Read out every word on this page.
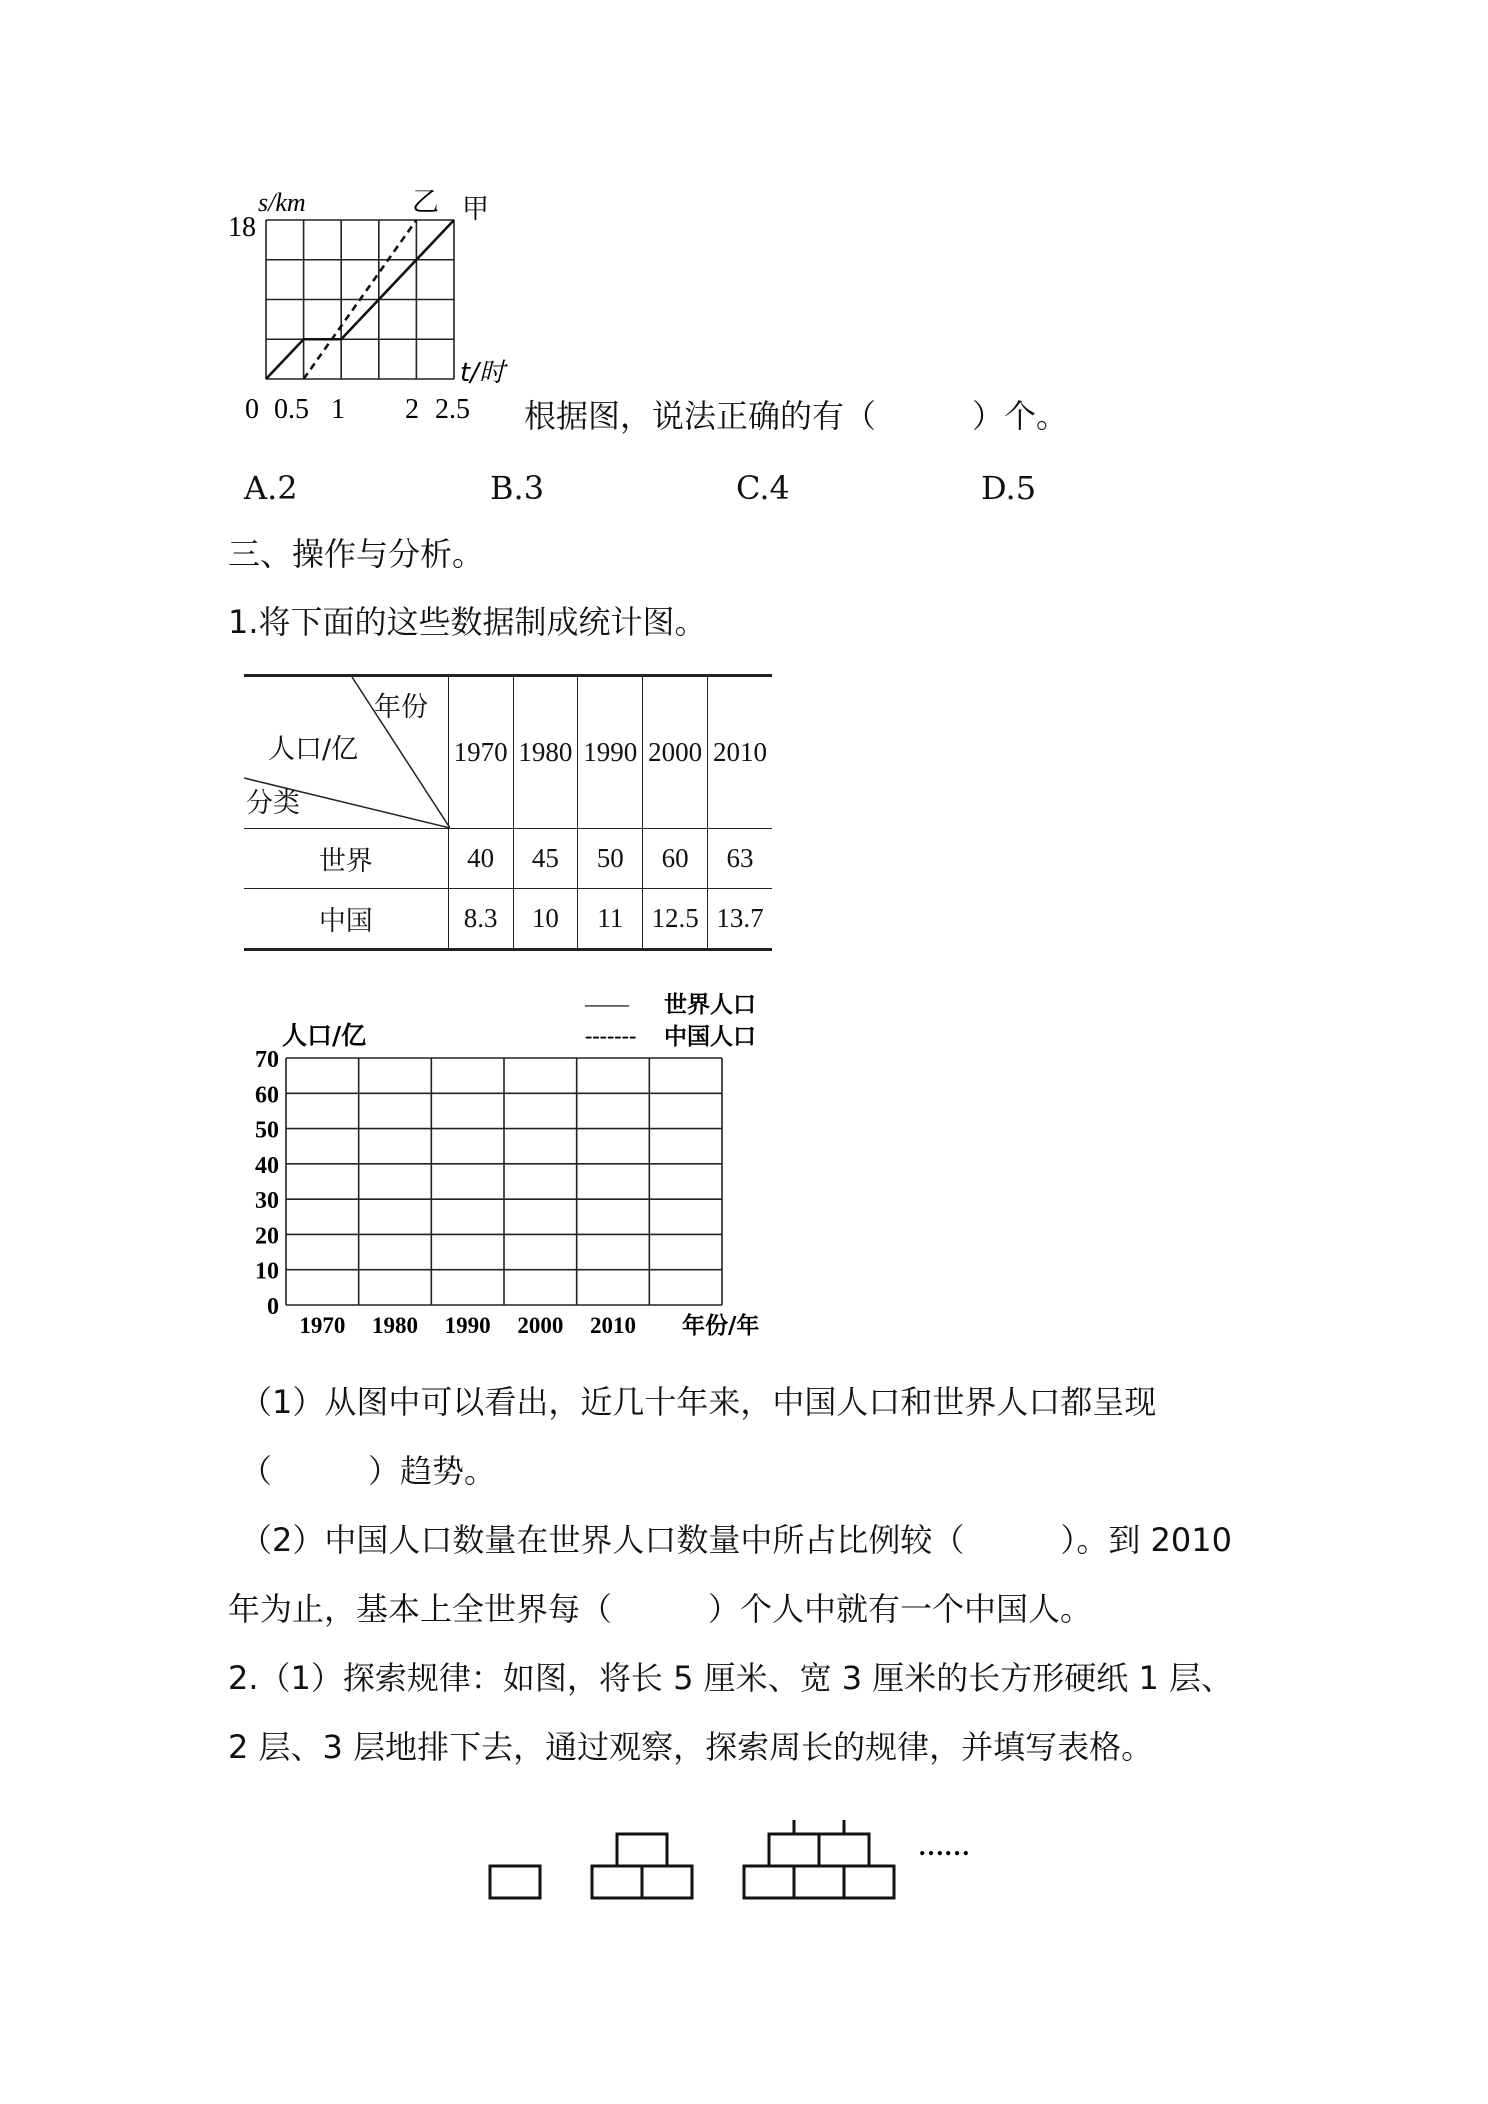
s/km
18
乙 甲
t/时
0 0.5 1 2 2.5 根据图，说法正确的有（　　　）个。
A.2	B.3	C.4	D.5
三、操作与分析。
1.将下面的这些数据制成统计图。
年份
人口/亿
分类	1970	1980	1990	2000	2010
世界	40	45	50	60	63
中国	8.3	10	11	12.5	13.7
0
10
20
30
40
50
60
70
1970 1980 1990 2000 2010
—— 世界人口
------- 中国人口
人口/亿
年份/年
（1）从图中可以看出，近几十年来，中国人口和世界人口都呈现
（　　　）趋势。
（2）中国人口数量在世界人口数量中所占比例较（　　　）。到 2010
年为止，基本上全世界每（　　　）个人中就有一个中国人。
2.（1）探索规律：如图，将长 5 厘米、宽 3 厘米的长方形硬纸 1 层、
2 层、3 层地排下去，通过观察，探索周长的规律，并填写表格。
……
